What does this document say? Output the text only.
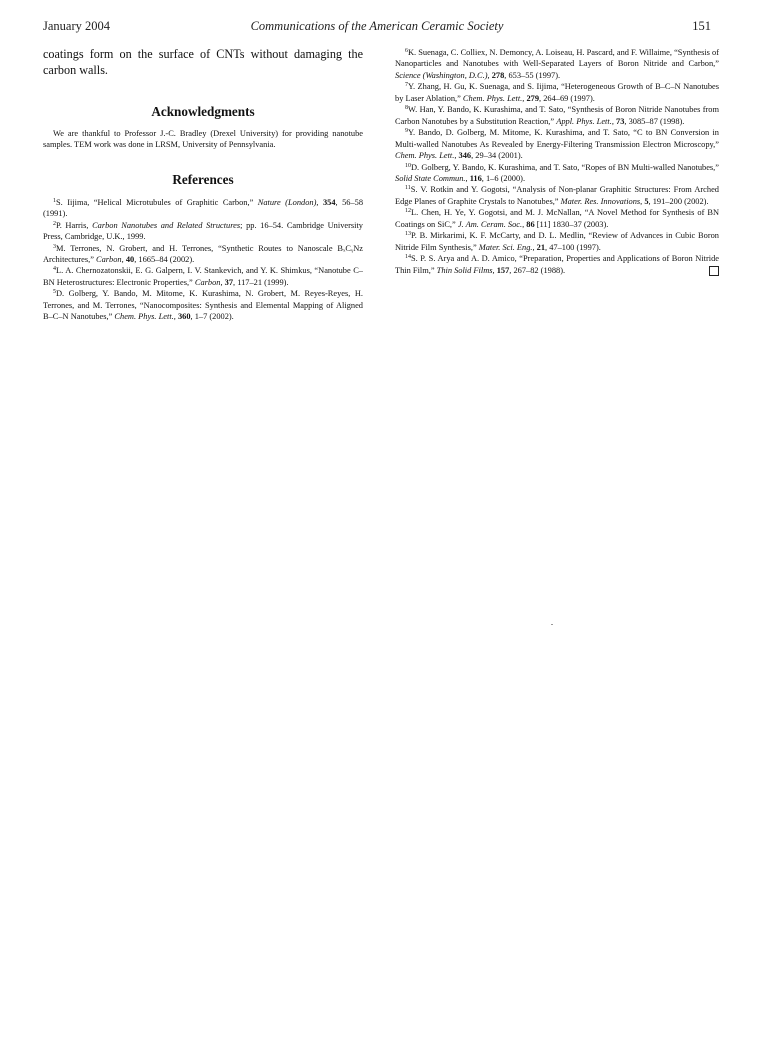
January 2004	Communications of the American Ceramic Society	151

coatings form on the surface of CNTs without damaging the carbon walls.

Acknowledgments

We are thankful to Professor J.-C. Bradley (Drexel University) for providing nanotube samples. TEM work was done in LRSM, University of Pennsylvania.

References

$^1$S. Iijima, “Helical Microtubules of Graphitic Carbon,” Nature (London), 354, 56–58 (1991).

$^2$P. Harris, Carbon Nanotubes and Related Structures; pp. 16–54. Cambridge University Press, Cambridge, U.K., 1999.

$^3$M. Terrones, N. Grobert, and H. Terrones, “Synthetic Routes to Nanoscale BₓCᵧNz Architectures,” Carbon, 40, 1665–84 (2002).

$^4$L. A. Chernozatonskii, E. G. Galpern, I. V. Stankevich, and Y. K. Shimkus, “Nanotube C–BN Heterostructures: Electronic Properties,” Carbon, 37, 117–21 (1999).

$^5$D. Golberg, Y. Bando, M. Mitome, K. Kurashima, N. Grobert, M. Reyes-Reyes, H. Terrones, and M. Terrones, “Nanocomposites: Synthesis and Elemental Mapping of Aligned B–C–N Nanotubes,” Chem. Phys. Lett., 360, 1–7 (2002).

$^6$K. Suenaga, C. Colliex, N. Demoncy, A. Loiseau, H. Pascard, and F. Willaime, “Synthesis of Nanoparticles and Nanotubes with Well-Separated Layers of Boron Nitride and Carbon,” Science (Washington, D.C.), 278, 653–55 (1997).

$^7$Y. Zhang, H. Gu, K. Suenaga, and S. Iijima, “Heterogeneous Growth of B–C–N Nanotubes by Laser Ablation,” Chem. Phys. Lett., 279, 264–69 (1997).

$^8$W. Han, Y. Bando, K. Kurashima, and T. Sato, “Synthesis of Boron Nitride Nanotubes from Carbon Nanotubes by a Substitution Reaction,” Appl. Phys. Lett., 73, 3085–87 (1998).

$^9$Y. Bando, D. Golberg, M. Mitome, K. Kurashima, and T. Sato, “C to BN Conversion in Multi-walled Nanotubes As Revealed by Energy-Filtering Transmission Electron Microscopy,” Chem. Phys. Lett., 346, 29–34 (2001).

$^{10}$D. Golberg, Y. Bando, K. Kurashima, and T. Sato, “Ropes of BN Multi-walled Nanotubes,” Solid State Commun., 116, 1–6 (2000).

$^{11}$S. V. Rotkin and Y. Gogotsi, “Analysis of Non-planar Graphitic Structures: From Arched Edge Planes of Graphite Crystals to Nanotubes,” Mater. Res. Innovations, 5, 191–200 (2002).

$^{12}$L. Chen, H. Ye, Y. Gogotsi, and M. J. McNallan, “A Novel Method for Synthesis of BN Coatings on SiC,” J. Am. Ceram. Soc., 86 [11] 1830–37 (2003).

$^{13}$P. B. Mirkarimi, K. F. McCarty, and D. L. Medlin, “Review of Advances in Cubic Boron Nitride Film Synthesis,” Mater. Sci. Eng., 21, 47–100 (1997).

$^{14}$S. P. S. Arya and A. D. Amico, “Preparation, Properties and Applications of Boron Nitride Thin Film,” Thin Solid Films, 157, 267–82 (1988).
